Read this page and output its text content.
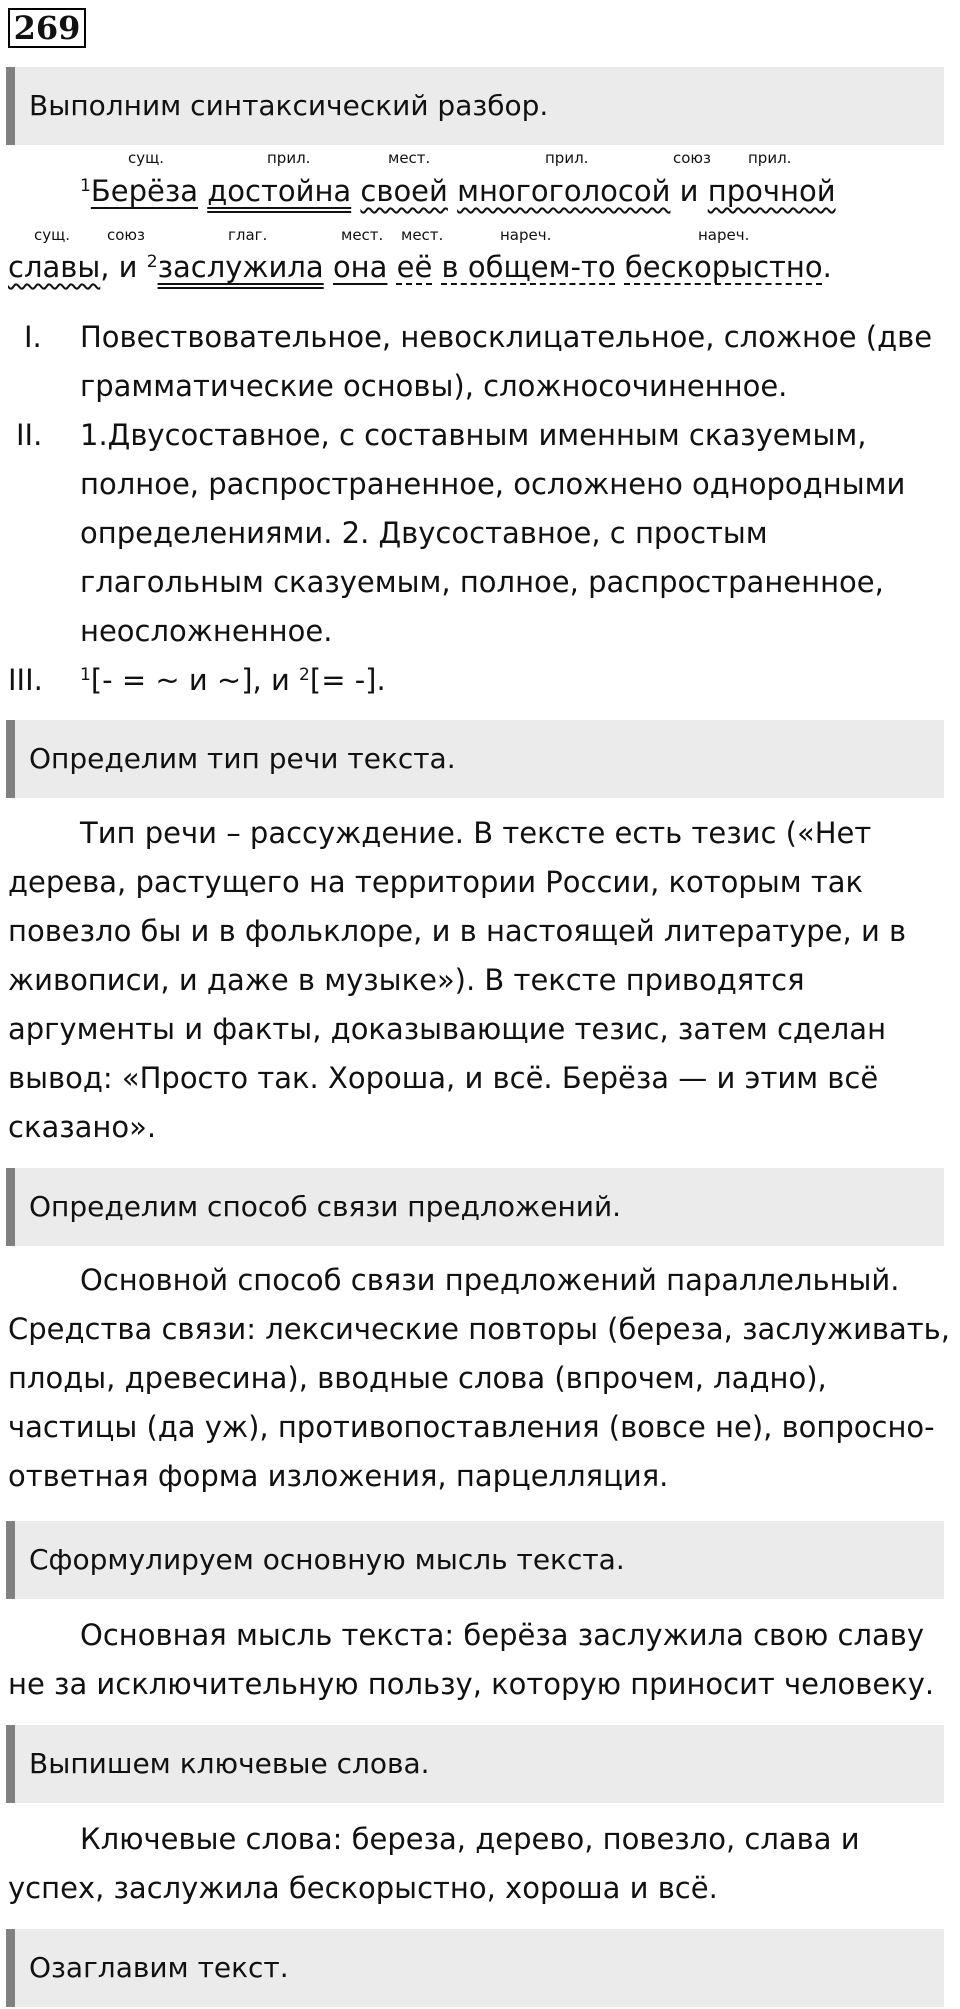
269
Выполним синтаксический разбор.
сущ.	прил.	мест.	прил.	союз прил.
$^1$Берёза достойна своей многоголосой и прочной
сущ. союз	глаг.	мест. мест.	нареч.	нареч.
славы, и $^2$заслужила она её в общем-то бескорыстно.
I. Повествовательное, невосклицательное, сложное (две
грамматические основы), сложносочиненное.
II. 1.Двусоставное, с составным именным сказуемым,
полное, распространенное, осложнено однородными
определениями. 2. Двусоставное, с простым
глагольным сказуемым, полное, распространенное,
неосложненное.
III. $^1$[- = ~ и ~], и $^2$[= -].
Определим тип речи текста.
Тип речи – рассуждение. В тексте есть тезис («Нет
дерева, растущего на территории России, которым так
повезло бы и в фольклоре, и в настоящей литературе, и в
живописи, и даже в музыке»). В тексте приводятся
аргументы и факты, доказывающие тезис, затем сделан
вывод: «Просто так. Хороша, и всё. Берёза — и этим всё
сказано».
Определим способ связи предложений.
Основной способ связи предложений параллельный.
Средства связи: лексические повторы (береза, заслуживать,
плоды, древесина), вводные слова (впрочем, ладно),
частицы (да уж), противопоставления (вовсе не), вопросно-
ответная форма изложения, парцелляция.
Сформулируем основную мысль текста.
Основная мысль текста: берёза заслужила свою славу
не за исключительную пользу, которую приносит человеку.
Выпишем ключевые слова.
Ключевые слова: береза, дерево, повезло, слава и
успех, заслужила бескорыстно, хороша и всё.
Озаглавим текст.
